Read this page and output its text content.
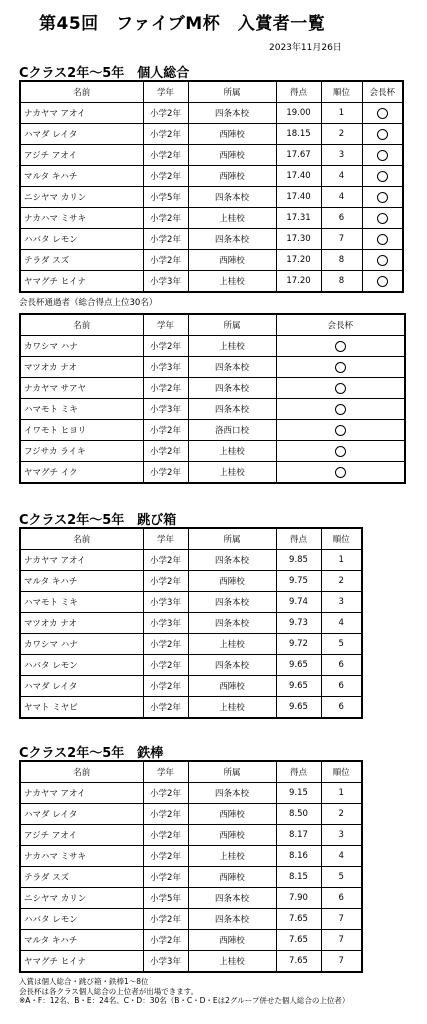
第45回　ファイブM杯　入賞者一覧
2023年11月26日
Cクラス2年～5年　個人総合
名前	学年	所属	得点	順位	会長杯
ナカヤマ アオイ	小学2年	四条本校	19.00	1	
ハマダ レイタ	小学2年	西陣校	18.15	2	
アジチ アオイ	小学2年	西陣校	17.67	3	
マルタ キハチ	小学2年	西陣校	17.40	4	
ニシヤマ カリン	小学5年	四条本校	17.40	4	
ナカハマ ミサキ	小学2年	上桂校	17.31	6	
ハバタ レモン	小学2年	四条本校	17.30	7	
テラダ スズ	小学2年	西陣校	17.20	8	
ヤマグチ ヒイナ	小学3年	上桂校	17.20	8	
会長杯通過者（総合得点上位30名）
名前	学年	所属	会長杯
カワシマ ハナ	小学2年	上桂校	
マツオカ ナオ	小学3年	四条本校	
ナカヤマ サアヤ	小学2年	四条本校	
ハマモト ミキ	小学3年	四条本校	
イワモト ヒヨリ	小学2年	洛西口校	
フジサカ ライキ	小学2年	上桂校	
ヤマグチ イク	小学2年	上桂校	
Cクラス2年～5年　跳び箱
名前	学年	所属	得点	順位
ナカヤマ アオイ	小学2年	四条本校	9.85	1
マルタ キハチ	小学2年	西陣校	9.75	2
ハマモト ミキ	小学3年	四条本校	9.74	3
マツオカ ナオ	小学3年	四条本校	9.73	4
カワシマ ハナ	小学2年	上桂校	9.72	5
ハバタ レモン	小学2年	四条本校	9.65	6
ハマダ レイタ	小学2年	西陣校	9.65	6
ヤマト ミヤビ	小学2年	上桂校	9.65	6
Cクラス2年～5年　鉄棒
名前	学年	所属	得点	順位
ナカヤマ アオイ	小学2年	四条本校	9.15	1
ハマダ レイタ	小学2年	西陣校	8.50	2
アジチ アオイ	小学2年	西陣校	8.17	3
ナカハマ ミサキ	小学2年	上桂校	8.16	4
テラダ スズ	小学2年	西陣校	8.15	5
ニシヤマ カリン	小学5年	四条本校	7.90	6
ハバタ レモン	小学2年	四条本校	7.65	7
マルタ キハチ	小学2年	西陣校	7.65	7
ヤマグチ ヒイナ	小学3年	上桂校	7.65	7
入賞は個人総合・跳び箱・鉄棒1～8位
会長杯は各クラス個人総合の上位者が出場できます。
※A・F：12名、B・E：24名、C・D：30名（B・C・D・Eは2グループ併せた個人総合の上位者）
